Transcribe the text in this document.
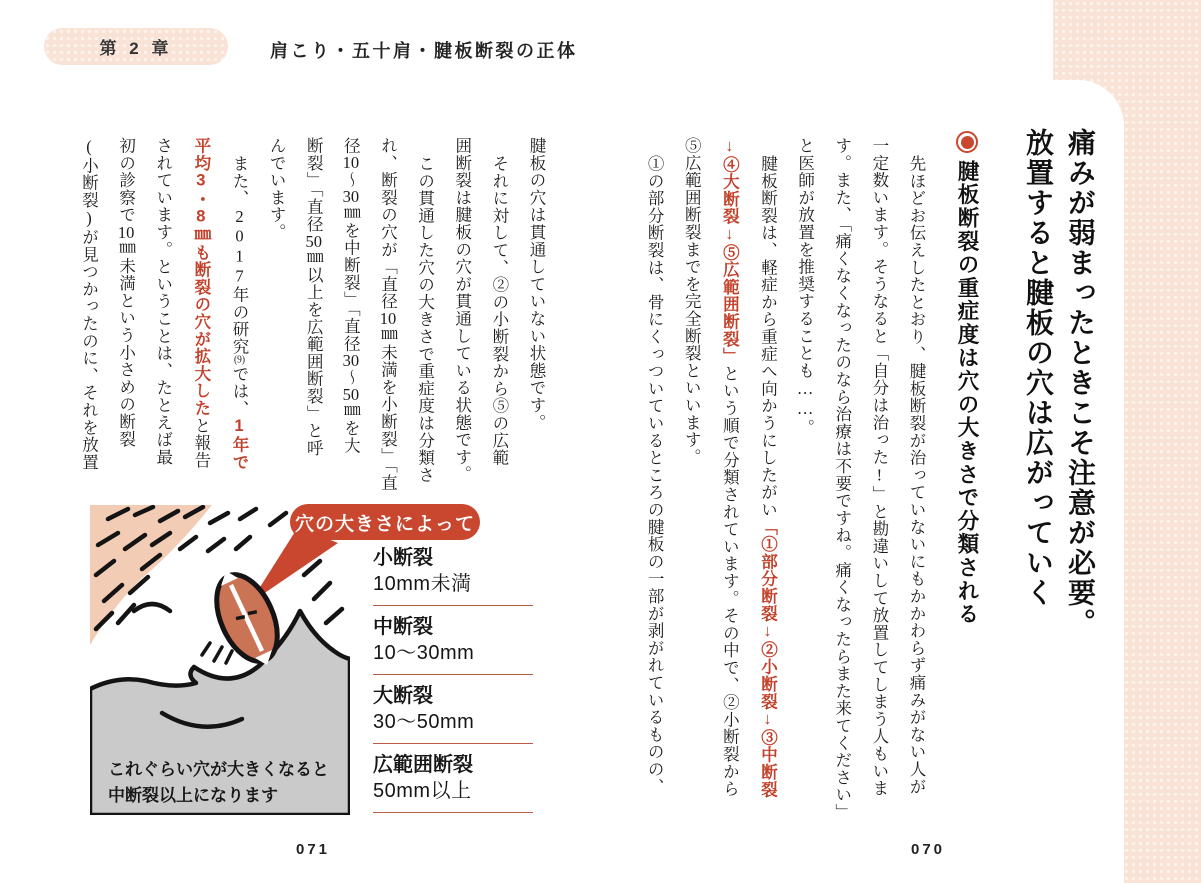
第 2 章	肩こり・五十肩・腱板断裂の正体

痛みが弱まったときこそ注意が必要。

放置すると腱板の穴は広がっていく

腱板断裂の重症度は穴の大きさで分類される

先ほどお伝えしたとおり、腱板断裂が治っていないにもかかわらず痛みがない人が

一定数います。そうなると「自分は治った!」と勘違いして放置してしまう人もいま

す。また、「痛くなくなったのなら治療は不要ですね。痛くなったらまた来てください」

と医師が放置を推奨することも……。

腱板断裂は、軽症から重症へ向かうにしたがい「①部分断裂↓②小断裂↓③中断裂

↓④大断裂↓⑤広範囲断裂」という順で分類されています。その中で、②小断裂から

⑤広範囲断裂までを完全断裂といいます。

①の部分断裂は、骨にくっついているところの腱板の一部が剥がれているものの、

腱板の穴は貫通していない状態です。

それに対して、②の小断裂から⑤の広範

囲断裂は腱板の穴が貫通している状態です。

この貫通した穴の大きさで重症度は分類さ

れ、断裂の穴が「直径10㎜未満を小断裂」「直

径10〜30㎜を中断裂」「直径30〜50㎜を大

断裂」「直径50㎜以上を広範囲断裂」と呼

んでいます。

また、2017年の研究(9)では、1年で

平均3・8㎜も断裂の穴が拡大したと報告

されています。ということは、たとえば最

初の診察で10㎜未満という小さめの断裂

(小断裂)が見つかったのに、それを放置

穴の大きさによって
小断裂
10mm未満
中断裂
10〜30mm
大断裂
30〜50mm
広範囲断裂
50mm以上
これぐらい穴が大きくなると
中断裂以上になります
071	070
